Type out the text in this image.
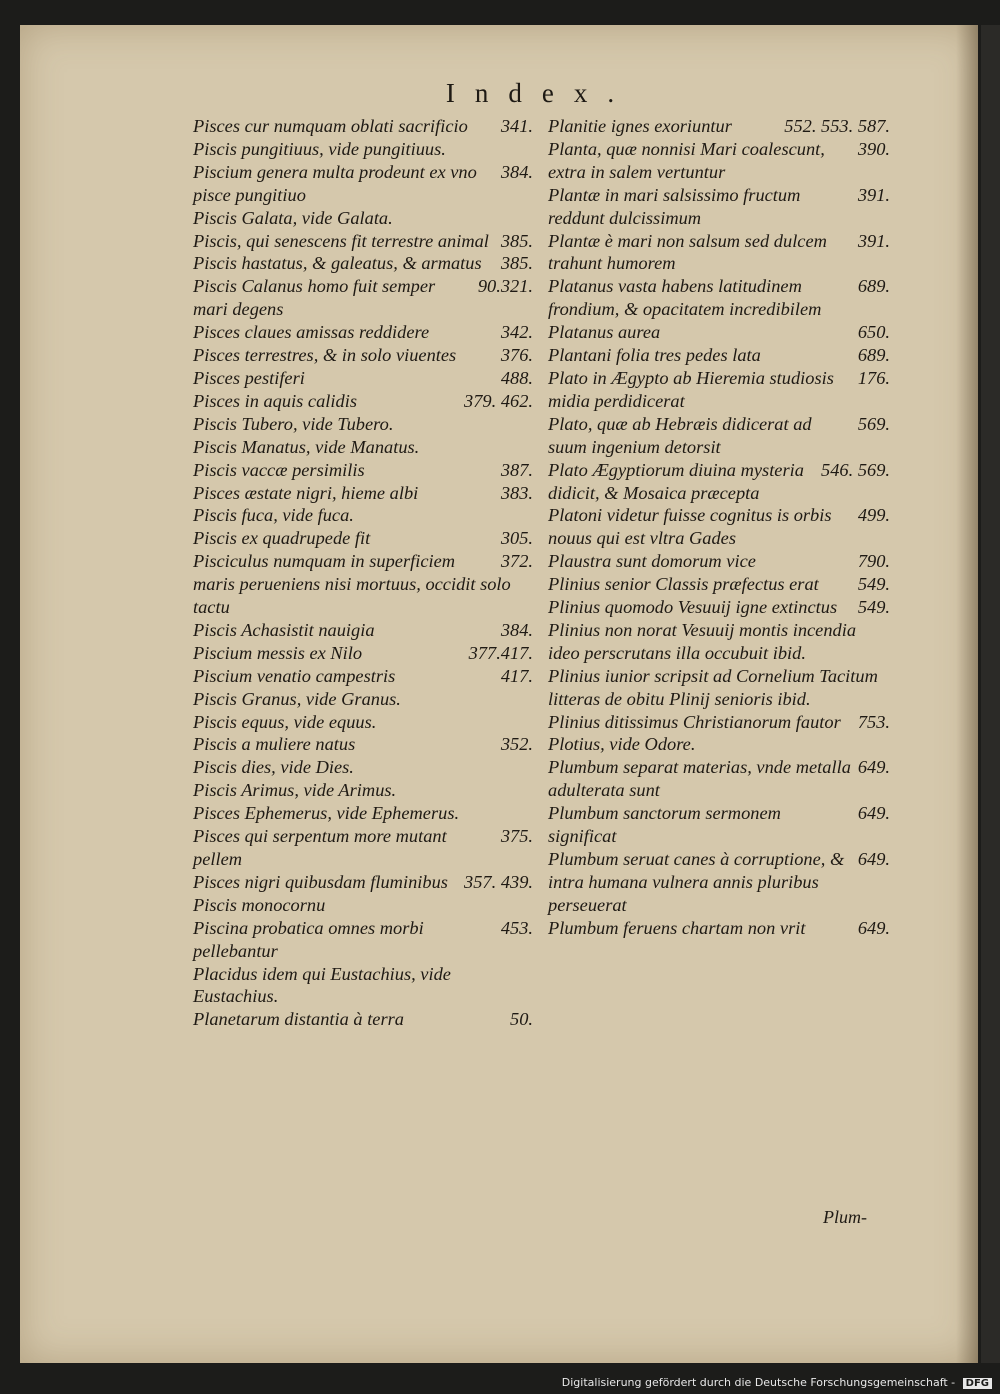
Index.
341.
Pisces cur numquam oblati sacrificio
Piscis pungitiuus, vide pungitiuus.
384.
Piscium genera multa prodeunt ex vno pisce pungitiuo
Piscis Galata, vide Galata.
385.
Piscis, qui senescens fit terrestre animal
385.
Piscis hastatus, & galeatus, & armatus
90.321.
Piscis Calanus homo fuit semper mari degens
342.
Pisces claues amissas reddidere
376.
Pisces terrestres, & in solo viuentes
488.
Pisces pestiferi
379. 462.
Pisces in aquis calidis
Piscis Tubero, vide Tubero.
Piscis Manatus, vide Manatus.
387.
Piscis vaccæ persimilis
383.
Pisces æstate nigri, hieme albi
Piscis fuca, vide fuca.
305.
Piscis ex quadrupede fit
372.
Pisciculus numquam in superficiem maris perueniens nisi mortuus, occidit solo tactu
384.
Piscis Achasistit nauigia
377.417.
Piscium messis ex Nilo
417.
Piscium venatio campestris
Piscis Granus, vide Granus.
Piscis equus, vide equus.
352.
Piscis a muliere natus
Piscis dies, vide Dies.
Piscis Arimus, vide Arimus.
Pisces Ephemerus, vide Ephemerus.
375.
Pisces qui serpentum more mutant pellem
357. 439.
Pisces nigri quibusdam fluminibus
Piscis monocornu
453.
Piscina probatica omnes morbi pellebantur
Placidus idem qui Eustachius, vide Eustachius.
50.
Planetarum distantia à terra
552. 553. 587.
Planitie ignes exoriuntur
390.
Planta, quæ nonnisi Mari coalescunt, extra in salem vertuntur
391.
Plantæ in mari salsissimo fructum reddunt dulcissimum
391.
Plantæ è mari non salsum sed dulcem trahunt humorem
689.
Platanus vasta habens latitudinem frondium, & opacitatem incredibilem
650.
Platanus aurea
689.
Plantani folia tres pedes lata
176.
Plato in Ægypto ab Hieremia studiosis midia perdidicerat
569.
Plato, quæ ab Hebræis didicerat ad suum ingenium detorsit
546. 569.
Plato Ægyptiorum diuina mysteria didicit, & Mosaica præcepta
499.
Platoni videtur fuisse cognitus is orbis nouus qui est vltra Gades
790.
Plaustra sunt domorum vice
549.
Plinius senior Classis præfectus erat
549.
Plinius quomodo Vesuuij igne extinctus
Plinius non norat Vesuuij montis incendia ideo perscrutans illa occubuit ibid.
Plinius iunior scripsit ad Cornelium Tacitum litteras de obitu Plinij senioris ibid.
753.
Plinius ditissimus Christianorum fautor
Plotius, vide Odore.
649.
Plumbum separat materias, vnde metalla adulterata sunt
649.
Plumbum sanctorum sermonem significat
649.
Plumbum seruat canes à corruptione, & intra humana vulnera annis pluribus perseuerat
649.
Plumbum feruens chartam non vrit
Plum-
Digitalisierung gefördert durch die Deutsche Forschungsgemeinschaft - DFG
